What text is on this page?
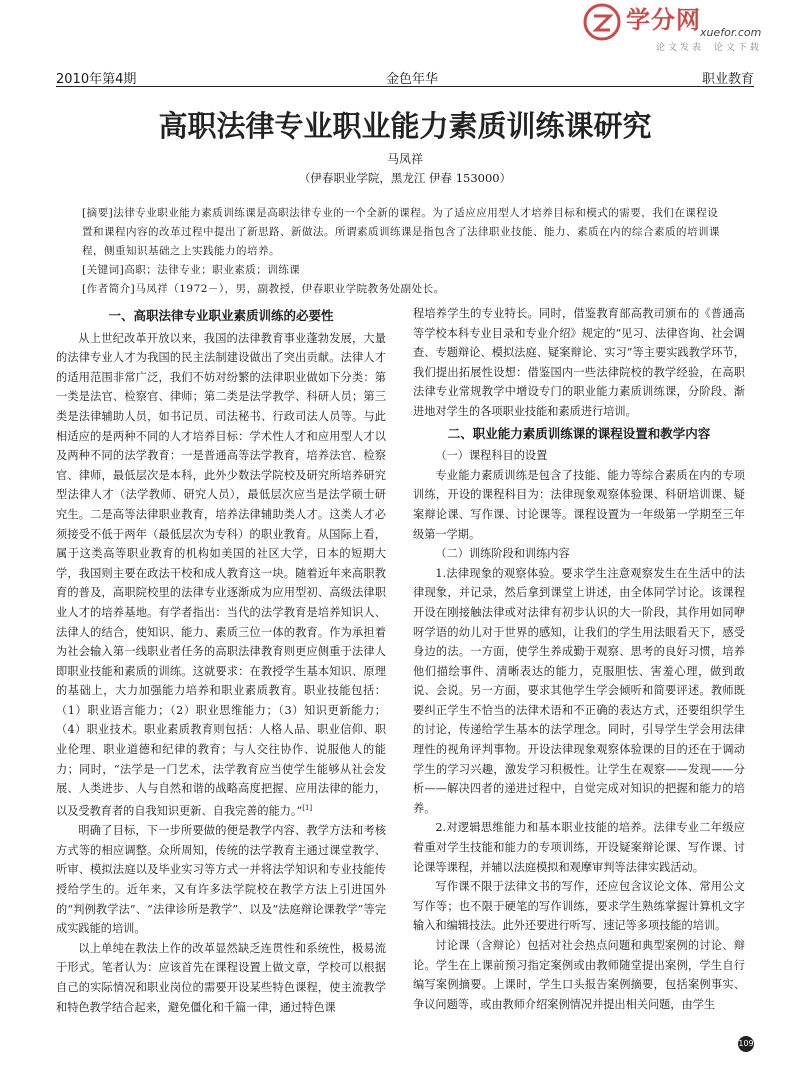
学分网 xuefor.com
论文发表 论文下载
2010年第4期	金色年华	职业教育
高职法律专业职业能力素质训练课研究
马凤祥
（伊春职业学院，黑龙江 伊春 153000）

[摘要]法律专业职业能力素质训练课是高职法律专业的一个全新的课程。为了适应应用型人才培养目标和模式的需要，我们在课程设置和课程内容的改革过程中提出了新思路、新做法。所谓素质训练课是指包含了法律职业技能、能力、素质在内的综合素质的培训课程，侧重知识基础之上实践能力的培养。

[关键词]高职；法律专业；职业素质；训练课

[作者简介]马凤祥（1972－），男，副教授，伊春职业学院教务处副处长。

一、高职法律专业职业素质训练的必要性

从上世纪改革开放以来，我国的法律教育事业蓬勃发展，大量的法律专业人才为我国的民主法制建设做出了突出贡献。法律人才的适用范围非常广泛，我们不妨对纷繁的法律职业做如下分类：第一类是法官、检察官、律师；第二类是法学教学、科研人员；第三类是法律辅助人员，如书记员、司法秘书、行政司法人员等。与此相适应的是两种不同的人才培养目标：学术性人才和应用型人才以及两种不同的法学教育：一是普通高等法学教育，培养法官、检察官、律师，最低层次是本科，此外少数法学院校及研究所培养研究型法律人才（法学教师、研究人员），最低层次应当是法学硕士研究生。二是高等法律职业教育，培养法律辅助类人才。这类人才必须接受不低于两年（最低层次为专科）的职业教育。从国际上看，属于这类高等职业教育的机构如美国的社区大学，日本的短期大学，我国则主要在政法干校和成人教育这一块。随着近年来高职教育的普及，高职院校里的法律专业逐渐成为应用型初、高级法律职业人才的培养基地。有学者指出：当代的法学教育是培养知识人、法律人的结合，使知识、能力、素质三位一体的教育。作为承担着为社会输入第一线职业者任务的高职法律教育则更应侧重于法律人即职业技能和素质的训练。这就要求：在教授学生基本知识、原理的基础上，大力加强能力培养和职业素质教育。职业技能包括：（1）职业语言能力；（2）职业思维能力；（3）知识更新能力；（4）职业技术。职业素质教育则包括：人格人品、职业信仰、职业伦理、职业道德和纪律的教育；与人交往协作、说服他人的能力；同时，“法学是一门艺术，法学教育应当使学生能够从社会发展、人类进步、人与自然和谐的战略高度把握、应用法律的能力，以及受教育者的自我知识更新、自我完善的能力。”[1]

明确了目标，下一步所要做的便是教学内容、教学方法和考核方式等的相应调整。众所周知，传统的法学教育主通过课堂教学、听审、模拟法庭以及毕业实习等方式一并将法学知识和专业技能传授给学生的。近年来，又有许多法学院校在教学方法上引进国外的“判例教学法”、“法律诊所是教学”、以及“法庭辩论课教学”等完成实践能的培训。

以上单纯在教法上作的改革显然缺乏连贯性和系统性，极易流于形式。笔者认为：应该首先在课程设置上做文章，学校可以根据自己的实际情况和职业岗位的需要开设某些特色课程，使主流教学和特色教学结合起来，避免僵化和千篇一律，通过特色课

程培养学生的专业特长。同时，借鉴教育部高教司颁布的《普通高等学校本科专业目录和专业介绍》规定的“见习、法律咨询、社会调查、专题辩论、模拟法庭、疑案辩论、实习”等主要实践教学环节，我们提出拓展性设想：借鉴国内一些法律院校的教学经验，在高职法律专业常规教学中增设专门的职业能力素质训练课，分阶段、渐进地对学生的各项职业技能和素质进行培训。

二、职业能力素质训练课的课程设置和教学内容
（一）课程科目的设置

专业能力素质训练是包含了技能、能力等综合素质在内的专项训练，开设的课程科目为：法律现象观察体验课、科研培训课、疑案辩论课、写作课、讨论课等。课程设置为一年级第一学期至三年级第一学期。

（二）训练阶段和训练内容

1.法律现象的观察体验。要求学生注意观察发生在生活中的法律现象，并记录，然后拿到课堂上讲述，由全体同学讨论。该课程开设在刚接触法律或对法律有初步认识的大一阶段，其作用如同咿呀学语的幼儿对于世界的感知，让我们的学生用法眼看天下，感受身边的法。一方面，使学生养成勤于观察、思考的良好习惯，培养他们描绘事件、清晰表达的能力，克服胆怯、害羞心理，做到敢说、会说。另一方面，要求其他学生学会倾听和简要评述。教师既要纠正学生不恰当的法律术语和不正确的表达方式，还要组织学生的讨论，传递给学生基本的法学理念。同时，引导学生学会用法律理性的视角评判事物。开设法律现象观察体验课的目的还在于调动学生的学习兴趣，激发学习积极性。让学生在观察——发现——分析——解决四者的递进过程中，自觉完成对知识的把握和能力的培养。

2.对逻辑思维能力和基本职业技能的培养。法律专业二年级应着重对学生技能和能力的专项训练，开设疑案辩论课、写作课、讨论课等课程，并辅以法庭模拟和观摩审判等法律实践活动。

写作课不限于法律文书的写作，还应包含议论文体、常用公文写作等；也不限于硬笔的写作训练，要求学生熟练掌握计算机文字输入和编辑技法。此外还要进行听写、速记等多项技能的培训。

讨论课（含辩论）包括对社会热点问题和典型案例的讨论、辩论。学生在上课前预习指定案例或由教师随堂提出案例，学生自行编写案例摘要。上课时，学生口头报告案例摘要，包括案例事实、争议问题等，或由教师介绍案例情况并提出相关问题，由学生

109
